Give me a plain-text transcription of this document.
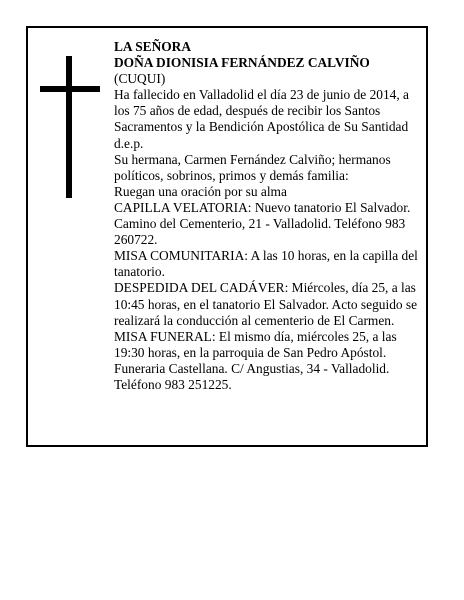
LA SEÑORA

DOÑA DIONISIA FERNÁNDEZ CALVIÑO

(CUQUI)

Ha fallecido en Valladolid el día 23 de junio de 2014, a los 75 años de edad, después de recibir los Santos Sacramentos y la Bendición Apostólica de Su Santidad

d.e.p.

Su hermana, Carmen Fernández Calviño; hermanos políticos, sobrinos, primos y demás familia:

Ruegan una oración por su alma

CAPILLA VELATORIA: Nuevo tanatorio El Salvador. Camino del Cementerio, 21 - Valladolid. Teléfono 983 260722.

MISA COMUNITARIA: A las 10 horas, en la capilla del tanatorio.

DESPEDIDA DEL CADÁVER: Miércoles, día 25, a las 10:45 horas, en el tanatorio El Salvador. Acto seguido se realizará la conducción al cementerio de El Carmen.

MISA FUNERAL: El mismo día, miércoles 25, a las 19:30 horas, en la parroquia de San Pedro Apóstol.

Funeraria Castellana. C/ Angustias, 34 - Valladolid. Teléfono 983 251225.
